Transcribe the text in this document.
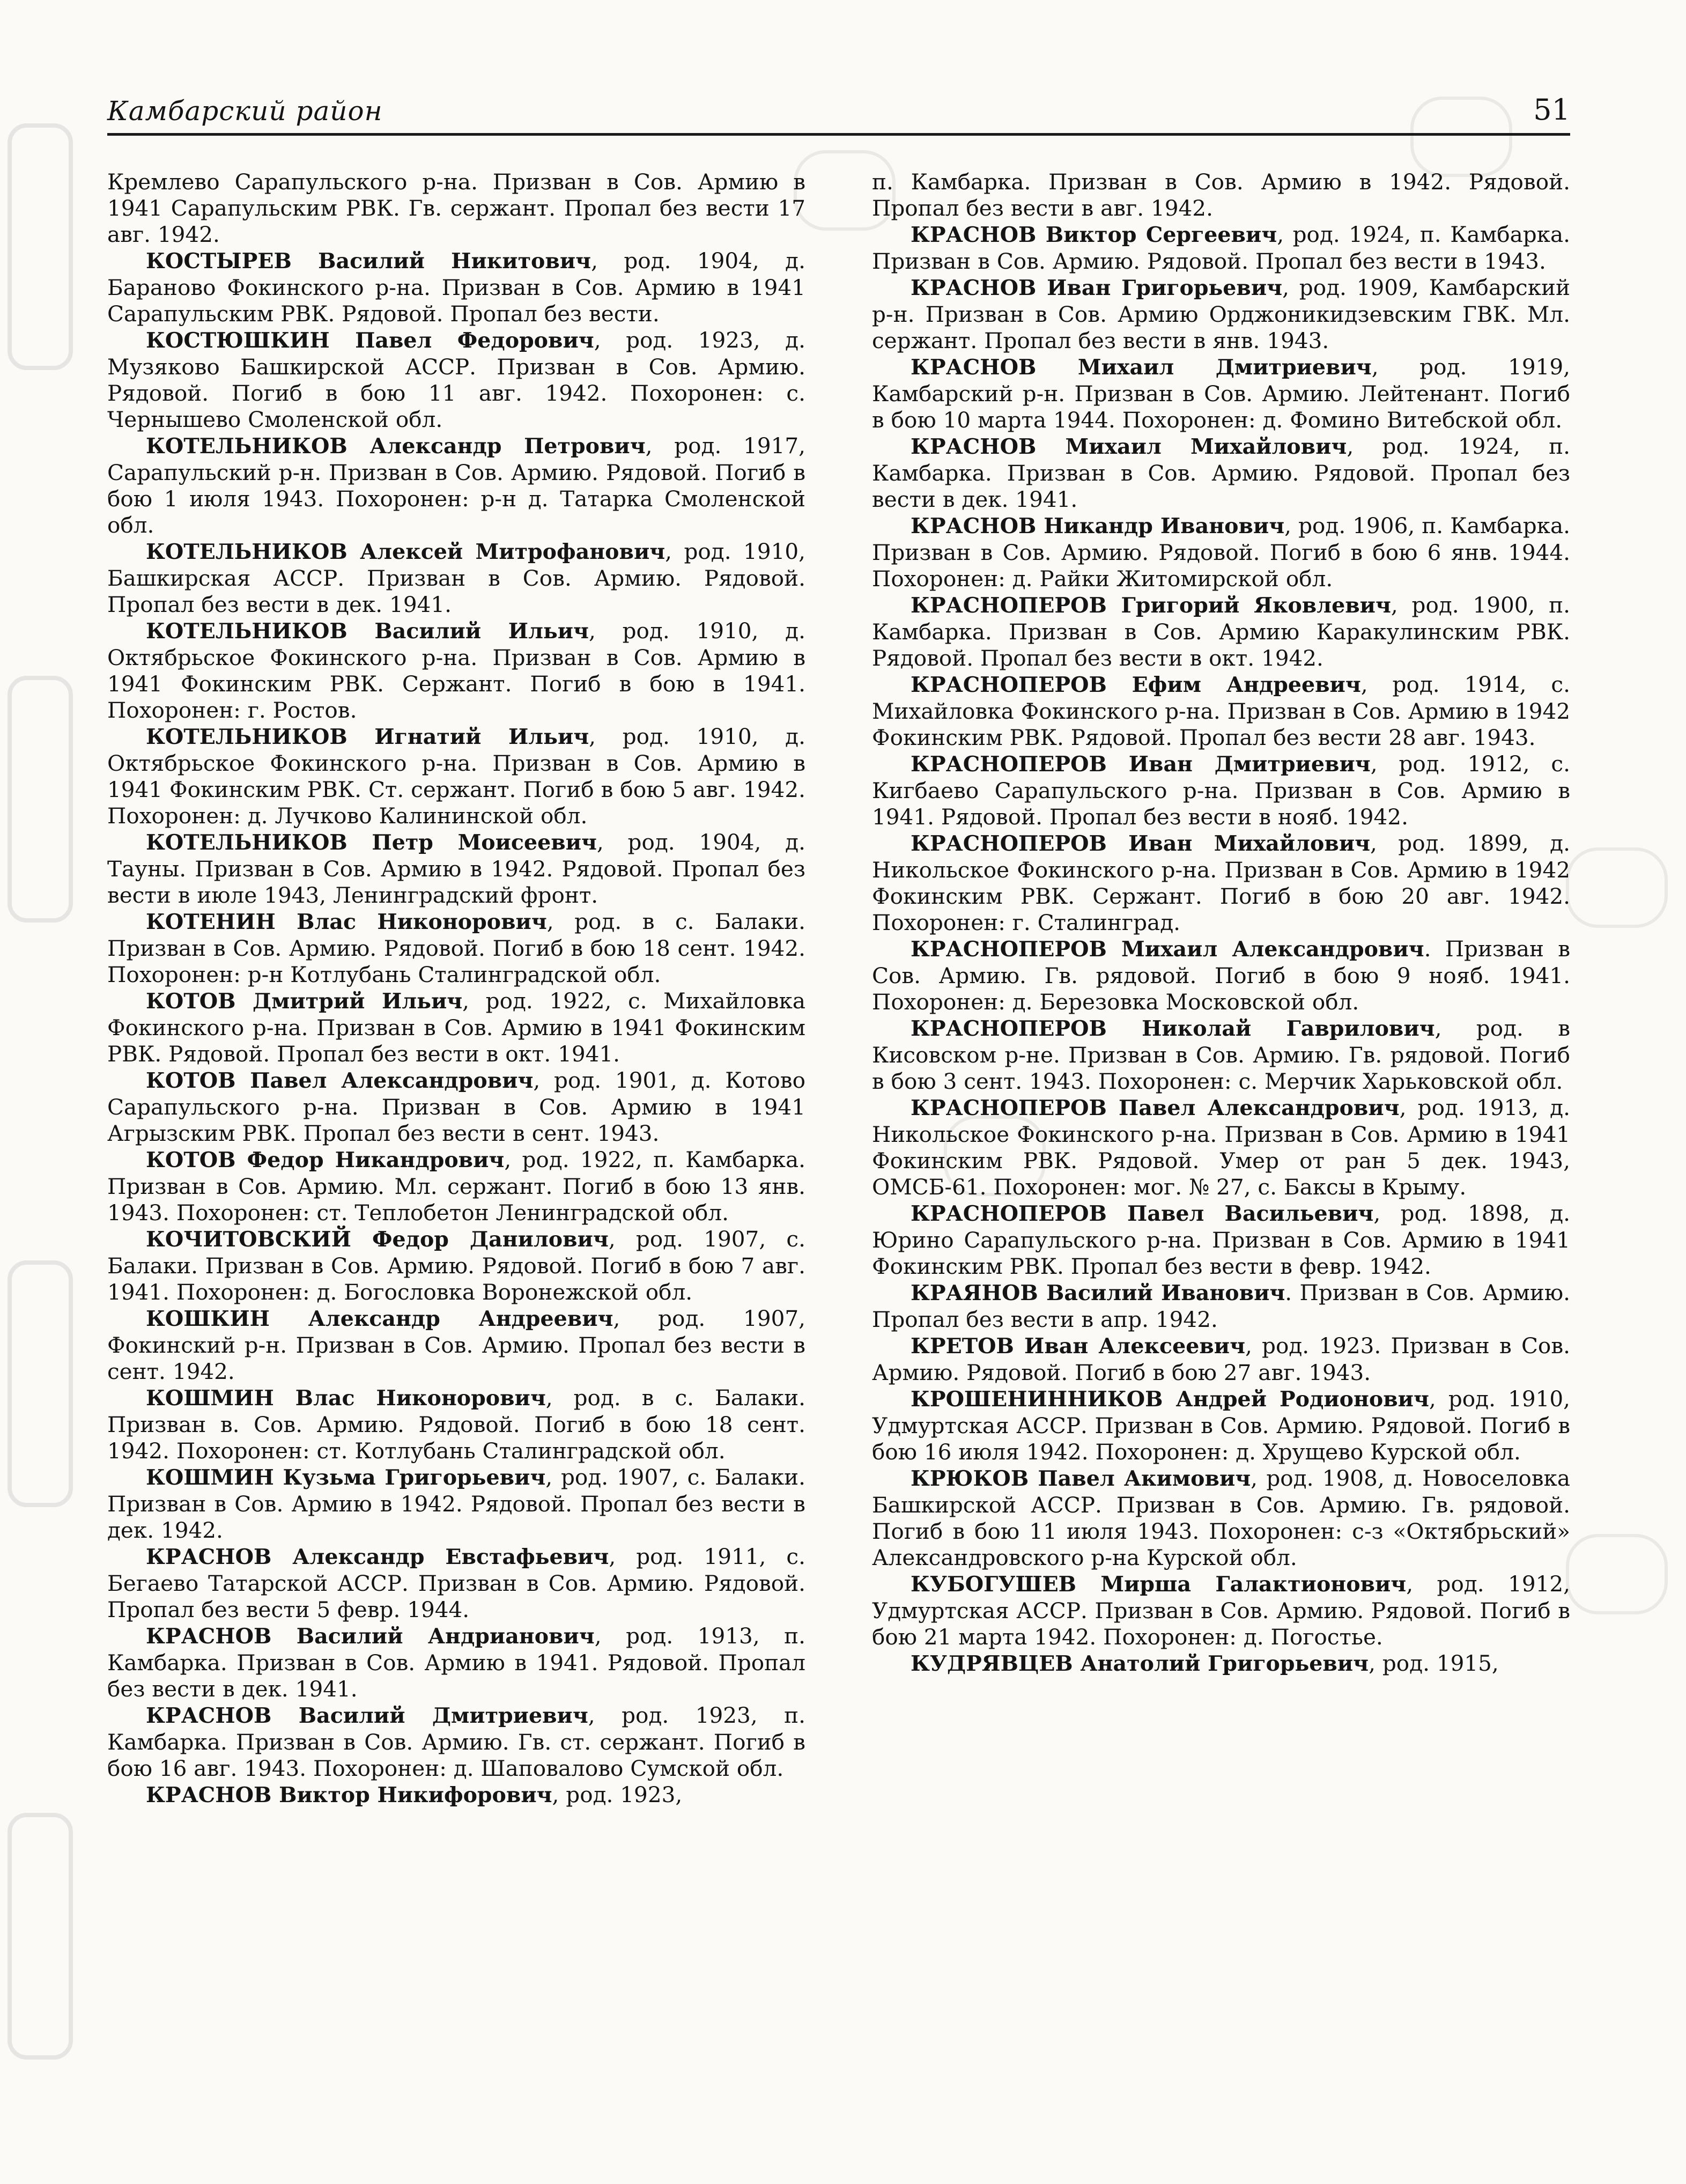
Камбарский район	51

Кремлево Сарапульского р-на. Призван в Сов. Армию в 1941 Сарапульским РВК. Гв. сержант. Пропал без вести 17 авг. 1942.

КОСТЫРЕВ Василий Никитович, род. 1904, д. Бараново Фокинского р-на. Призван в Сов. Армию в 1941 Сарапульским РВК. Рядовой. Пропал без вести.

КОСТЮШКИН Павел Федорович, род. 1923, д. Музяково Башкирской АССР. Призван в Сов. Армию. Рядовой. Погиб в бою 11 авг. 1942. Похоронен: с. Чернышево Смоленской обл.

КОТЕЛЬНИКОВ Александр Петрович, род. 1917, Сарапульский р-н. Призван в Сов. Армию. Рядовой. Погиб в бою 1 июля 1943. Похоронен: р-н д. Татарка Смоленской обл.

КОТЕЛЬНИКОВ Алексей Митрофанович, род. 1910, Башкирская АССР. Призван в Сов. Армию. Рядовой. Пропал без вести в дек. 1941.

КОТЕЛЬНИКОВ Василий Ильич, род. 1910, д. Октябрьское Фокинского р-на. Призван в Сов. Армию в 1941 Фокинским РВК. Сержант. Погиб в бою в 1941. Похоронен: г. Ростов.

КОТЕЛЬНИКОВ Игнатий Ильич, род. 1910, д. Октябрьское Фокинского р-на. Призван в Сов. Армию в 1941 Фокинским РВК. Ст. сержант. Погиб в бою 5 авг. 1942. Похоронен: д. Лучково Калининской обл.

КОТЕЛЬНИКОВ Петр Моисеевич, род. 1904, д. Тауны. Призван в Сов. Армию в 1942. Рядовой. Пропал без вести в июле 1943, Ленинградский фронт.

КОТЕНИН Влас Никонорович, род. в с. Балаки. Призван в Сов. Армию. Рядовой. Погиб в бою 18 сент. 1942. Похоронен: р-н Котлубань Сталинградской обл.

КОТОВ Дмитрий Ильич, род. 1922, с. Михайловка Фокинского р-на. Призван в Сов. Армию в 1941 Фокинским РВК. Рядовой. Пропал без вести в окт. 1941.

КОТОВ Павел Александрович, род. 1901, д. Котово Сарапульского р-на. Призван в Сов. Армию в 1941 Агрызским РВК. Пропал без вести в сент. 1943.

КОТОВ Федор Никандрович, род. 1922, п. Камбарка. Призван в Сов. Армию. Мл. сержант. Погиб в бою 13 янв. 1943. Похоронен: ст. Теплобетон Ленинградской обл.

КОЧИТОВСКИЙ Федор Данилович, род. 1907, с. Балаки. Призван в Сов. Армию. Рядовой. Погиб в бою 7 авг. 1941. Похоронен: д. Богословка Воронежской обл.

КОШКИН Александр Андреевич, род. 1907, Фокинский р-н. Призван в Сов. Армию. Пропал без вести в сент. 1942.

КОШМИН Влас Никонорович, род. в с. Балаки. Призван в. Сов. Армию. Рядовой. Погиб в бою 18 сент. 1942. Похоронен: ст. Котлубань Сталинградской обл.

КОШМИН Кузьма Григорьевич, род. 1907, с. Балаки. Призван в Сов. Армию в 1942. Рядовой. Пропал без вести в дек. 1942.

КРАСНОВ Александр Евстафьевич, род. 1911, с. Бегаево Татарской АССР. Призван в Сов. Армию. Рядовой. Пропал без вести 5 февр. 1944.

КРАСНОВ Василий Андрианович, род. 1913, п. Камбарка. Призван в Сов. Армию в 1941. Рядовой. Пропал без вести в дек. 1941.

КРАСНОВ Василий Дмитриевич, род. 1923, п. Камбарка. Призван в Сов. Армию. Гв. ст. сержант. Погиб в бою 16 авг. 1943. Похоронен: д. Шаповалово Сумской обл.

КРАСНОВ Виктор Никифорович, род. 1923,

п. Камбарка. Призван в Сов. Армию в 1942. Рядовой. Пропал без вести в авг. 1942.

КРАСНОВ Виктор Сергеевич, род. 1924, п. Камбарка. Призван в Сов. Армию. Рядовой. Пропал без вести в 1943.

КРАСНОВ Иван Григорьевич, род. 1909, Камбарский р-н. Призван в Сов. Армию Орджоникидзевским ГВК. Мл. сержант. Пропал без вести в янв. 1943.

КРАСНОВ Михаил Дмитриевич, род. 1919, Камбарский р-н. Призван в Сов. Армию. Лейтенант. Погиб в бою 10 марта 1944. Похоронен: д. Фомино Витебской обл.

КРАСНОВ Михаил Михайлович, род. 1924, п. Камбарка. Призван в Сов. Армию. Рядовой. Пропал без вести в дек. 1941.

КРАСНОВ Никандр Иванович, род. 1906, п. Камбарка. Призван в Сов. Армию. Рядовой. Погиб в бою 6 янв. 1944. Похоронен: д. Райки Житомирской обл.

КРАСНОПЕРОВ Григорий Яковлевич, род. 1900, п. Камбарка. Призван в Сов. Армию Каракулинским РВК. Рядовой. Пропал без вести в окт. 1942.

КРАСНОПЕРОВ Ефим Андреевич, род. 1914, с. Михайловка Фокинского р-на. Призван в Сов. Армию в 1942 Фокинским РВК. Рядовой. Пропал без вести 28 авг. 1943.

КРАСНОПЕРОВ Иван Дмитриевич, род. 1912, с. Кигбаево Сарапульского р-на. Призван в Сов. Армию в 1941. Рядовой. Пропал без вести в нояб. 1942.

КРАСНОПЕРОВ Иван Михайлович, род. 1899, д. Никольское Фокинского р-на. Призван в Сов. Армию в 1942 Фокинским РВК. Сержант. Погиб в бою 20 авг. 1942. Похоронен: г. Сталинград.

КРАСНОПЕРОВ Михаил Александрович. Призван в Сов. Армию. Гв. рядовой. Погиб в бою 9 нояб. 1941. Похоронен: д. Березовка Московской обл.

КРАСНОПЕРОВ Николай Гаврилович, род. в Кисовском р-не. Призван в Сов. Армию. Гв. рядовой. Погиб в бою 3 сент. 1943. Похоронен: с. Мерчик Харьковской обл.

КРАСНОПЕРОВ Павел Александрович, род. 1913, д. Никольское Фокинского р-на. Призван в Сов. Армию в 1941 Фокинским РВК. Рядовой. Умер от ран 5 дек. 1943, ОМСБ-61. Похоронен: мог. № 27, с. Баксы в Крыму.

КРАСНОПЕРОВ Павел Васильевич, род. 1898, д. Юрино Сарапульского р-на. Призван в Сов. Армию в 1941 Фокинским РВК. Пропал без вести в февр. 1942.

КРАЯНОВ Василий Иванович. Призван в Сов. Армию. Пропал без вести в апр. 1942.

КРЕТОВ Иван Алексеевич, род. 1923. Призван в Сов. Армию. Рядовой. Погиб в бою 27 авг. 1943.

КРОШЕНИННИКОВ Андрей Родионович, род. 1910, Удмуртская АССР. Призван в Сов. Армию. Рядовой. Погиб в бою 16 июля 1942. Похоронен: д. Хрущево Курской обл.

КРЮКОВ Павел Акимович, род. 1908, д. Новоселовка Башкирской АССР. Призван в Сов. Армию. Гв. рядовой. Погиб в бою 11 июля 1943. Похоронен: с-з «Октябрьский» Александровского р-на Курской обл.

КУБОГУШЕВ Мирша Галактионович, род. 1912, Удмуртская АССР. Призван в Сов. Армию. Рядовой. Погиб в бою 21 марта 1942. Похоронен: д. Погостье.

КУДРЯВЦЕВ Анатолий Григорьевич, род. 1915,
